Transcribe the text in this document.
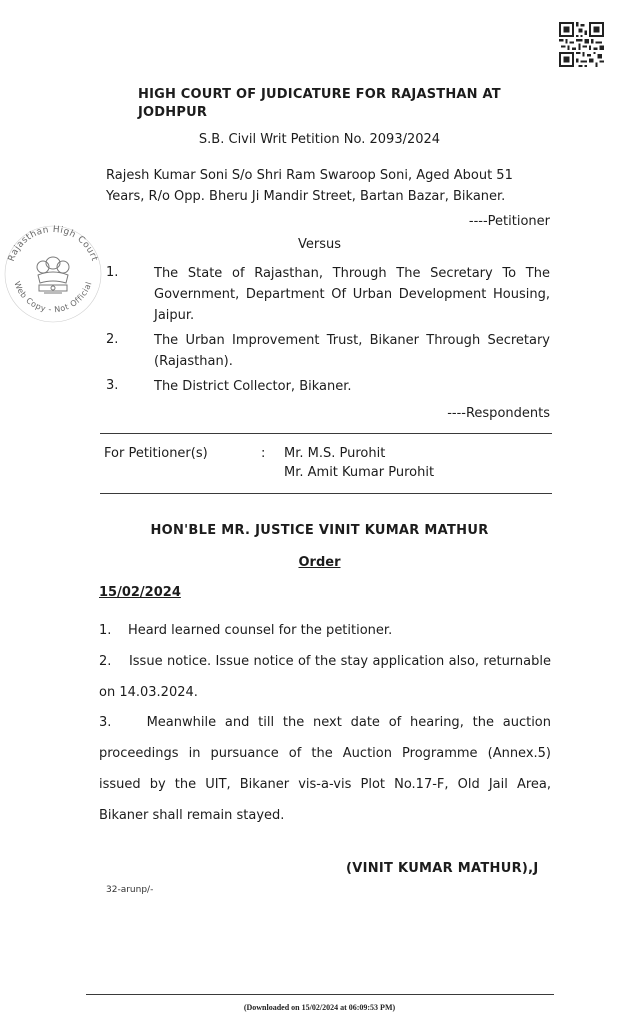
Rajasthan High Court
Web Copy - Not Official
HIGH COURT OF JUDICATURE FOR RAJASTHAN AT JODHPUR
S.B. Civil Writ Petition No. 2093/2024
Rajesh Kumar Soni S/o Shri Ram Swaroop Soni, Aged About 51 Years, R/o Opp. Bheru Ji Mandir Street, Bartan Bazar, Bikaner.
----Petitioner
Versus
1.	The State of Rajasthan, Through The Secretary To The Government, Department Of Urban Development Housing, Jaipur.
2.	The Urban Improvement Trust, Bikaner Through Secretary (Rajasthan).
3.	The District Collector, Bikaner.
----Respondents
For Petitioner(s)	: Mr. M.S. Purohit
Mr. Amit Kumar Purohit
HON'BLE MR. JUSTICE VINIT KUMAR MATHUR
Order
15/02/2024
1. Heard learned counsel for the petitioner.
2. Issue notice. Issue notice of the stay application also, returnable on 14.03.2024.
3.	Meanwhile and till the next date of hearing, the auction proceedings in pursuance of the Auction Programme (Annex.5) issued by the UIT, Bikaner vis-a-vis Plot No.17-F, Old Jail Area, Bikaner shall remain stayed.
(VINIT KUMAR MATHUR),J
32-arunp/-
(Downloaded on 15/02/2024 at 06:09:53 PM)
